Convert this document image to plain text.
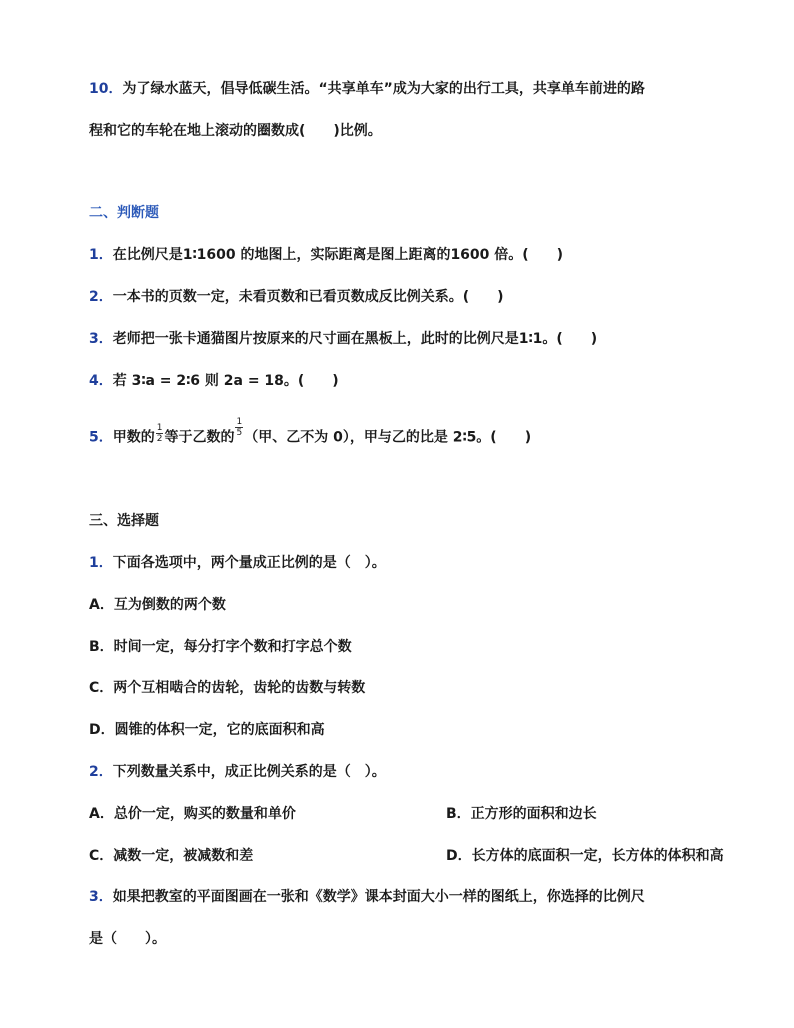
10．为了绿水蓝天，倡导低碳生活。“共享单车”成为大家的出行工具，共享单车前进的路
程和它的车轮在地上滚动的圈数成(　　)比例。
二、判断题
1．在比例尺是1∶1600 的地图上，实际距离是图上距离的1600 倍。(　　)
2．一本书的页数一定，未看页数和已看页数成反比例关系。(　　)
3．老师把一张卡通猫图片按原来的尺寸画在黑板上，此时的比例尺是1∶1。(　　)
4．若 3∶a = 2∶6 则 2a = 18。(　　)
5．甲数的 $\frac{1}{2}$ 等于乙数的 $\frac{1}{5}$ （甲、乙不为 0），甲与乙的比是 2∶5。(　　)
三、选择题
1．下面各选项中，两个量成正比例的是（　）。
A．互为倒数的两个数
B．时间一定，每分打字个数和打字总个数
C．两个互相啮合的齿轮，齿轮的齿数与转数
D．圆锥的体积一定，它的底面积和高
2．下列数量关系中，成正比例关系的是（　）。
A．总价一定，购买的数量和单价	B．正方形的面积和边长
C．减数一定，被减数和差	D．长方体的底面积一定，长方体的体积和高
3．如果把教室的平面图画在一张和《数学》课本封面大小一样的图纸上，你选择的比例尺
是（　　）。
